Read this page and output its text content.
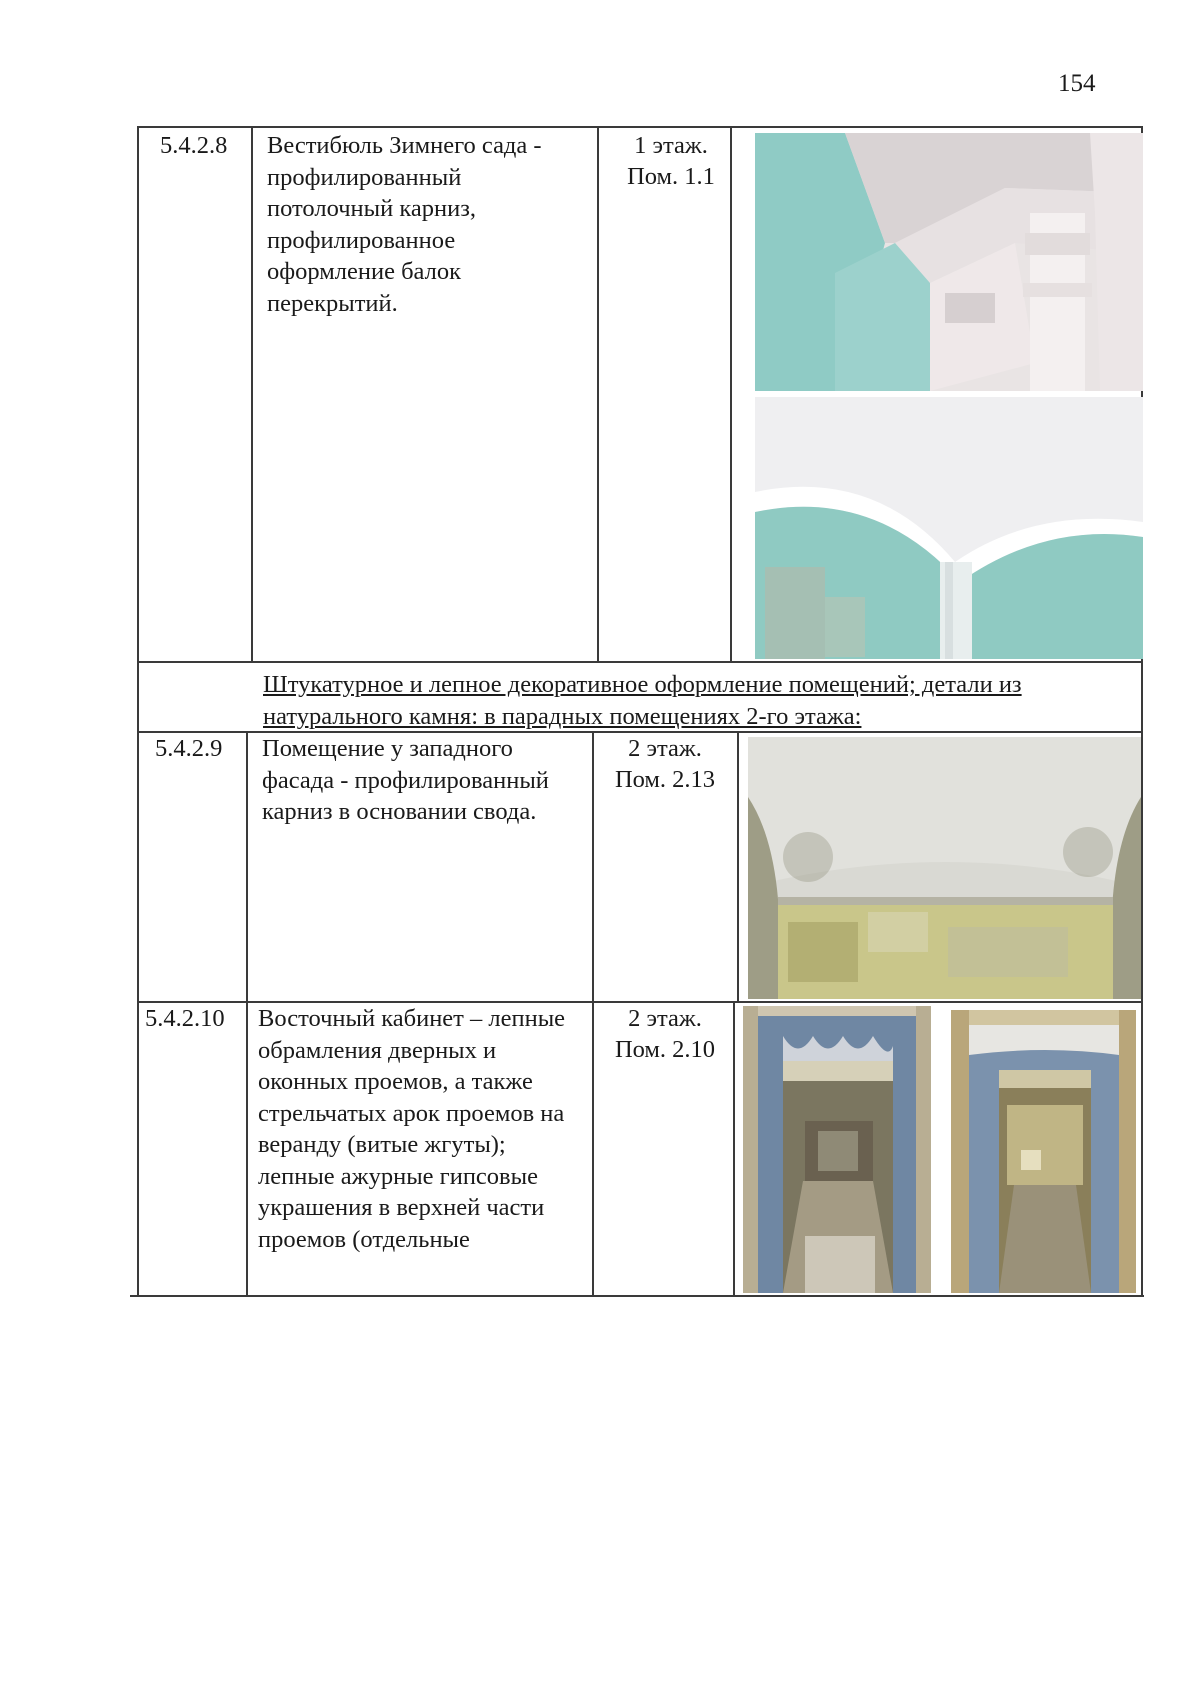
154
5.4.2.8 Вестибюль Зимнего сада - профилированный потолочный карниз, профилированное оформление балок перекрытий.
1 этаж.
Пом. 1.1
Штукатурное и лепное декоративное оформление помещений; детали из натурального камня: в парадных помещениях 2-го этажа:
5.4.2.9 Помещение у западного фасада - профилированный карниз в основании свода.
2 этаж.
Пом. 2.13
5.4.2.10 Восточный кабинет – лепные обрамления дверных и оконных проемов, а также стрельчатых арок проемов на веранду (витые жгуты); лепные ажурные гипсовые украшения в верхней части проемов (отдельные
2 этаж.
Пом. 2.10
